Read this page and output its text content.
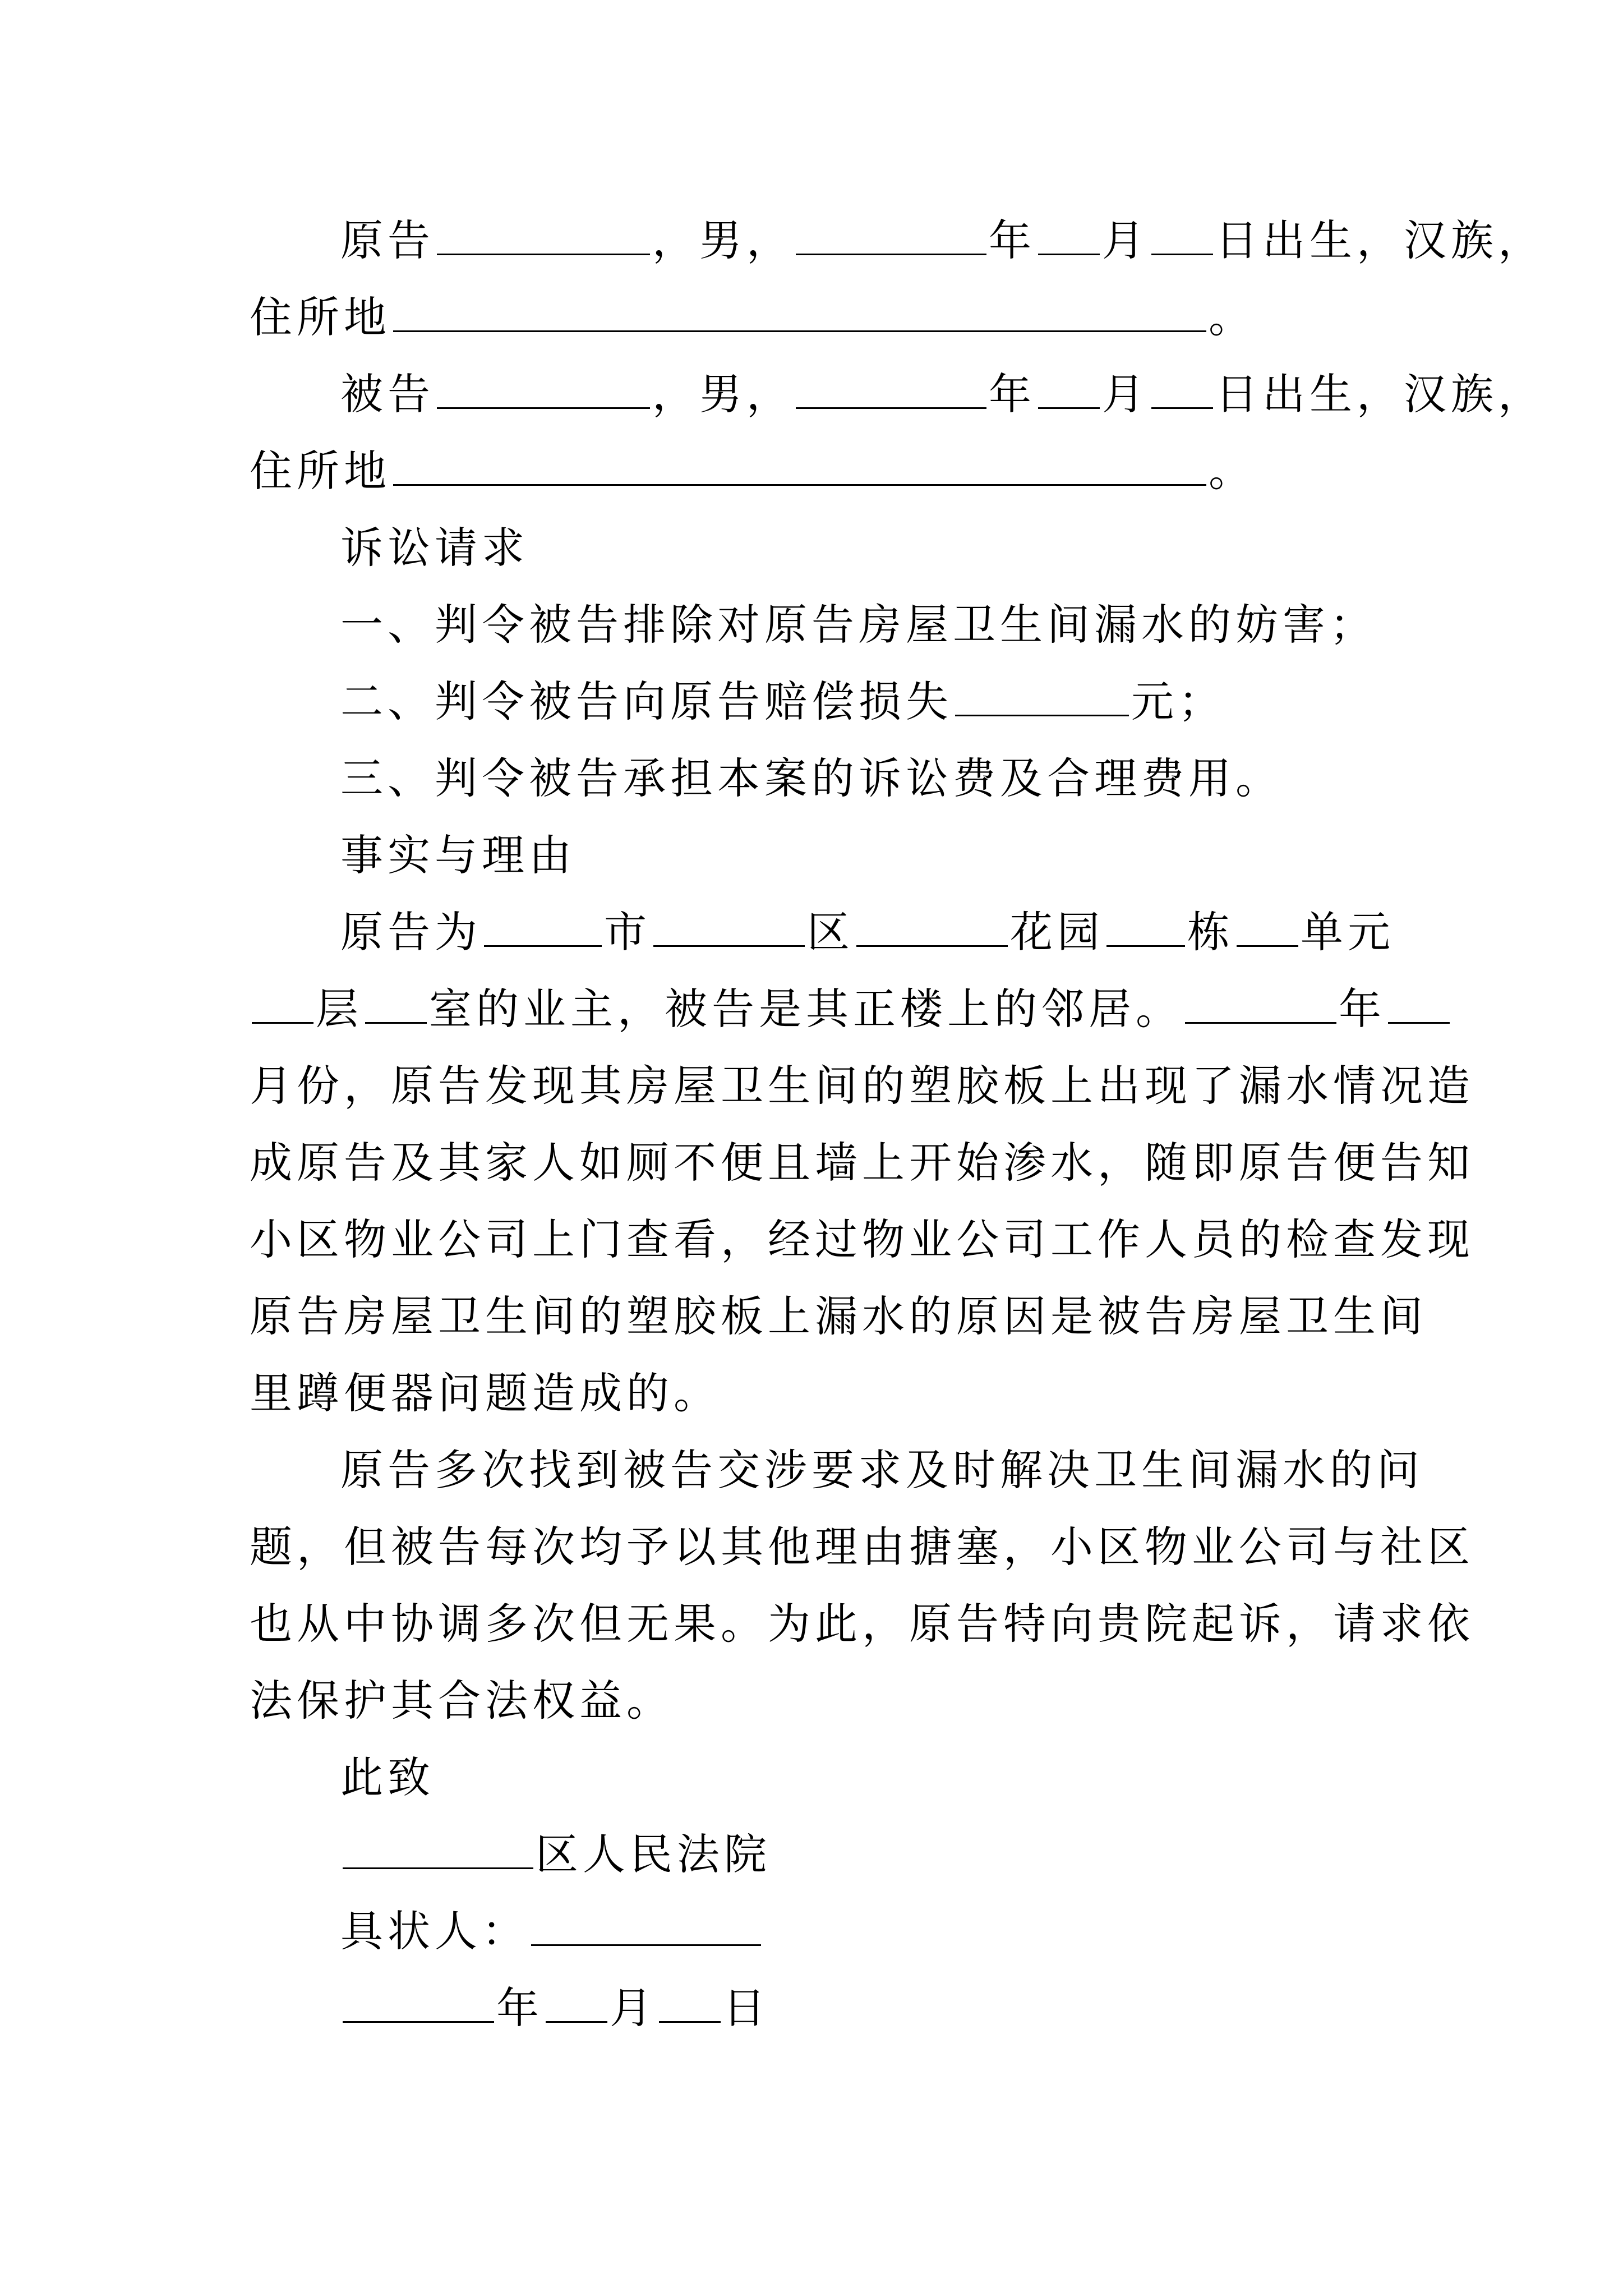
原告	，男，	年 月 日出生，汉族，
住所地	。
被告	，男，	年 月 日出生，汉族，
住所地	。
诉讼请求
一、判令被告排除对原告房屋卫生间漏水的妨害；
二、判令被告向原告赔偿损失	元；
三、判令被告承担本案的诉讼费及合理费用。
事实与理由
原告为	市	区	花园 栋 单元
层 室的业主，被告是其正楼上的邻居。	年
月份，原告发现其房屋卫生间的塑胶板上出现了漏水情况造
成原告及其家人如厕不便且墙上开始渗水，随即原告便告知
小区物业公司上门查看，经过物业公司工作人员的检查发现
原告房屋卫生间的塑胶板上漏水的原因是被告房屋卫生间
里蹲便器问题造成的。
原告多次找到被告交涉要求及时解决卫生间漏水的问
题，但被告每次均予以其他理由搪塞，小区物业公司与社区
也从中协调多次但无果。为此，原告特向贵院起诉，请求依
法保护其合法权益。
此致
区人民法院
具状人：
年 月 日
